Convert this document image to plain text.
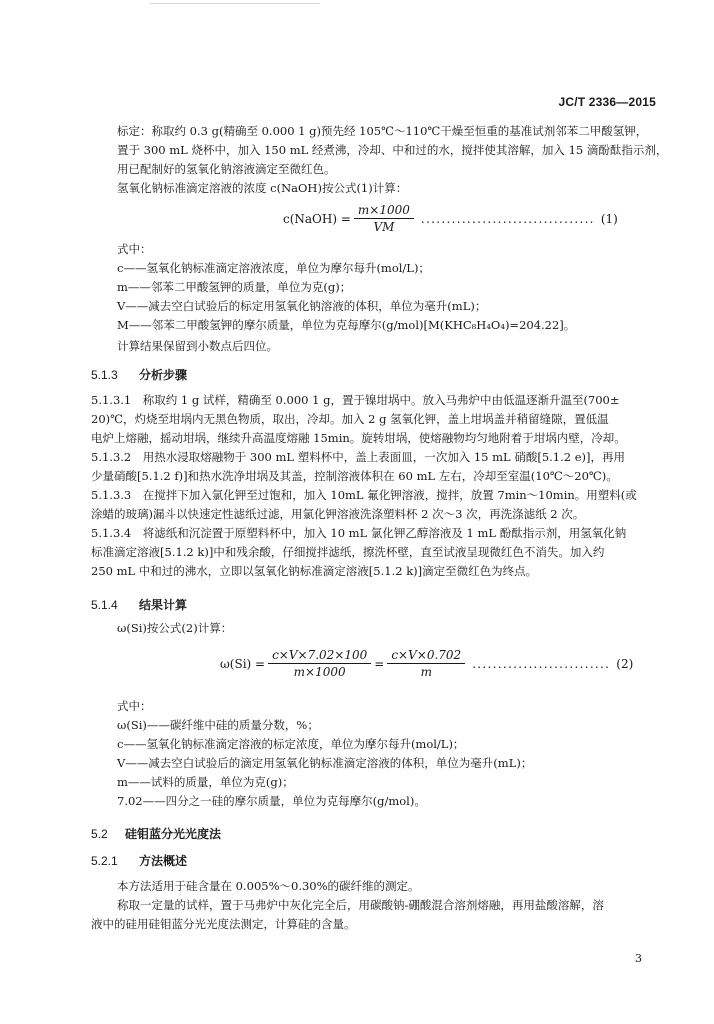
JC/T 2336—2015
标定：称取约 0.3 g(精确至 0.000 1 g)预先经 105℃～110℃干燥至恒重的基准试剂邻苯二甲酸氢钾，
置于 300 mL 烧杯中，加入 150 mL 经煮沸，冷却、中和过的水，搅拌使其溶解，加入 15 滴酚酞指示剂，
用已配制好的氢氧化钠溶液滴定至微红色。
氢氧化钠标准滴定溶液的浓度 c(NaOH)按公式(1)计算：
c(NaOH) = $\frac{m\times 1000}{VM}$ .................................. (1)
式中：
c——氢氧化钠标准滴定溶液浓度，单位为摩尔每升(mol/L)；
m——邻苯二甲酸氢钾的质量，单位为克(g)；
V——减去空白试验后的标定用氢氧化钠溶液的体积，单位为毫升(mL)；
M——邻苯二甲酸氢钾的摩尔质量，单位为克每摩尔(g/mol)[M(KHC₈H₄O₄)=204.22]。
计算结果保留到小数点后四位。
5.1.3 分析步骤
5.1.3.1　称取约 1 g 试样，精确至 0.000 1 g，置于镍坩埚中。放入马弗炉中由低温逐渐升温至(700±
20)℃，灼烧至坩埚内无黑色物质，取出，冷却。加入 2 g 氢氧化钾，盖上坩埚盖并稍留缝隙，置低温
电炉上熔融，摇动坩埚，继续升高温度熔融 15min。旋转坩埚，使熔融物均匀地附着于坩埚内壁，冷却。
5.1.3.2　用热水浸取熔融物于 300 mL 塑料杯中，盖上表面皿，一次加入 15 mL 硝酸[5.1.2 e)]，再用
少量硝酸[5.1.2 f)]和热水洗净坩埚及其盖，控制溶液体积在 60 mL 左右，冷却至室温(10℃～20℃)。
5.1.3.3　在搅拌下加入氯化钾至过饱和，加入 10mL 氟化钾溶液，搅拌，放置 7min～10min。用塑料(或
涂蜡的玻璃)漏斗以快速定性滤纸过滤，用氯化钾溶液洗涤塑料杯 2 次～3 次，再洗涤滤纸 2 次。
5.1.3.4　将滤纸和沉淀置于原塑料杯中，加入 10 mL 氯化钾乙醇溶液及 1 mL 酚酞指示剂，用氢氧化钠
标准滴定溶液[5.1.2 k)]中和残余酸，仔细搅拌滤纸，擦洗杯壁，直至试液呈现微红色不消失。加入约
250 mL 中和过的沸水，立即以氢氧化钠标准滴定溶液[5.1.2 k)]滴定至微红色为终点。
5.1.4 结果计算
ω(Si)按公式(2)计算：
$\omega(Si) = \frac{c\times V\times 7.02\times 100}{m\times 1000} = \frac{c\times V\times 0.702}{m}$ ........................... (2)
式中：
ω(Si)——碳纤维中硅的质量分数，%；
c——氢氧化钠标准滴定溶液的标定浓度，单位为摩尔每升(mol/L)；
V——减去空白试验后的滴定用氢氧化钠标准滴定溶液的体积，单位为毫升(mL)；
m——试料的质量，单位为克(g)；
7.02——四分之一硅的摩尔质量，单位为克每摩尔(g/mol)。
5.2 硅钼蓝分光光度法
5.2.1 方法概述
本方法适用于硅含量在 0.005%～0.30%的碳纤维的测定。
称取一定量的试样，置于马弗炉中灰化完全后，用碳酸钠-硼酸混合溶剂熔融，再用盐酸溶解，溶
液中的硅用硅钼蓝分光光度法测定，计算硅的含量。
3
